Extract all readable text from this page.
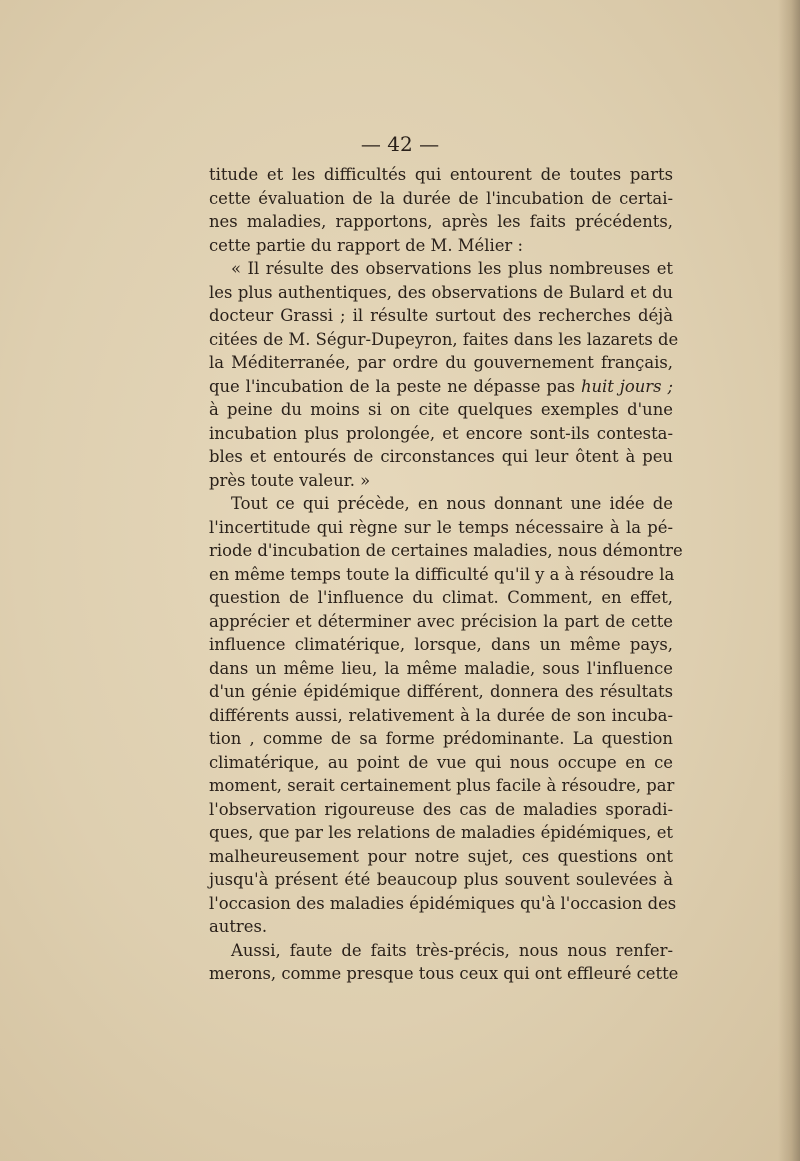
— 42 —
titude et les difficultés qui entourent de toutes parts
cette évaluation de la durée de l'incubation de certai-
nes maladies, rapportons, après les faits précédents,
cette partie du rapport de M. Mélier :
« Il résulte des observations les plus nombreuses et
les plus authentiques, des observations de Bulard et du
docteur Grassi ; il résulte surtout des recherches déjà
citées de M. Ségur-Dupeyron, faites dans les lazarets de
la Méditerranée, par ordre du gouvernement français,
que l'incubation de la peste ne dépasse pas huit jours ;
à peine du moins si on cite quelques exemples d'une
incubation plus prolongée, et encore sont-ils contesta-
bles et entourés de circonstances qui leur ôtent à peu
près toute valeur. »
Tout ce qui précède, en nous donnant une idée de
l'incertitude qui règne sur le temps nécessaire à la pé-
riode d'incubation de certaines maladies, nous démontre
en même temps toute la difficulté qu'il y a à résoudre la
question de l'influence du climat. Comment, en effet,
apprécier et déterminer avec précision la part de cette
influence climatérique, lorsque, dans un même pays,
dans un même lieu, la même maladie, sous l'influence
d'un génie épidémique différent, donnera des résultats
différents aussi, relativement à la durée de son incuba-
tion , comme de sa forme prédominante. La question
climatérique, au point de vue qui nous occupe en ce
moment, serait certainement plus facile à résoudre, par
l'observation rigoureuse des cas de maladies sporadi-
ques, que par les relations de maladies épidémiques, et
malheureusement pour notre sujet, ces questions ont
jusqu'à présent été beaucoup plus souvent soulevées à
l'occasion des maladies épidémiques qu'à l'occasion des
autres.
Aussi, faute de faits très-précis, nous nous renfer-
merons, comme presque tous ceux qui ont effleuré cette
